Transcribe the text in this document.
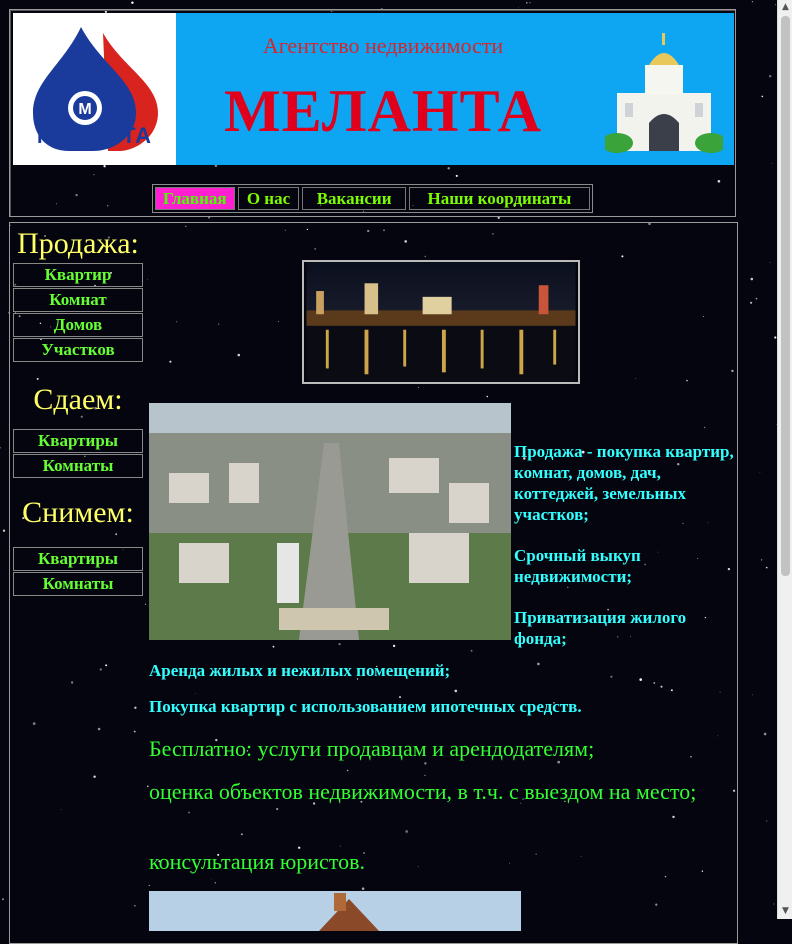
M
МЕЛАНТА
Агентство недвижимости
МЕЛАНТА
Главная	О нас	Вакансии	Наши координаты
Продажа:
Квартир
Комнат
Домов
Участков
Сдаем:
Квартиры
Комнаты
Снимем:
Квартиры
Комнаты

Продажа - покупка квартир, комнат, домов, дач, коттеджей, земельных участков;

Срочный выкуп недвижимости;

Приватизация жилого фонда;

Аренда жилых и нежилых помещений;
Покупка квартир с использованием ипотечных средств.
Бесплатно: услуги продавцам и арендодателям;
оценка объектов недвижимости, в т.ч. с выездом на место;
консультация юристов.
▲
▼
